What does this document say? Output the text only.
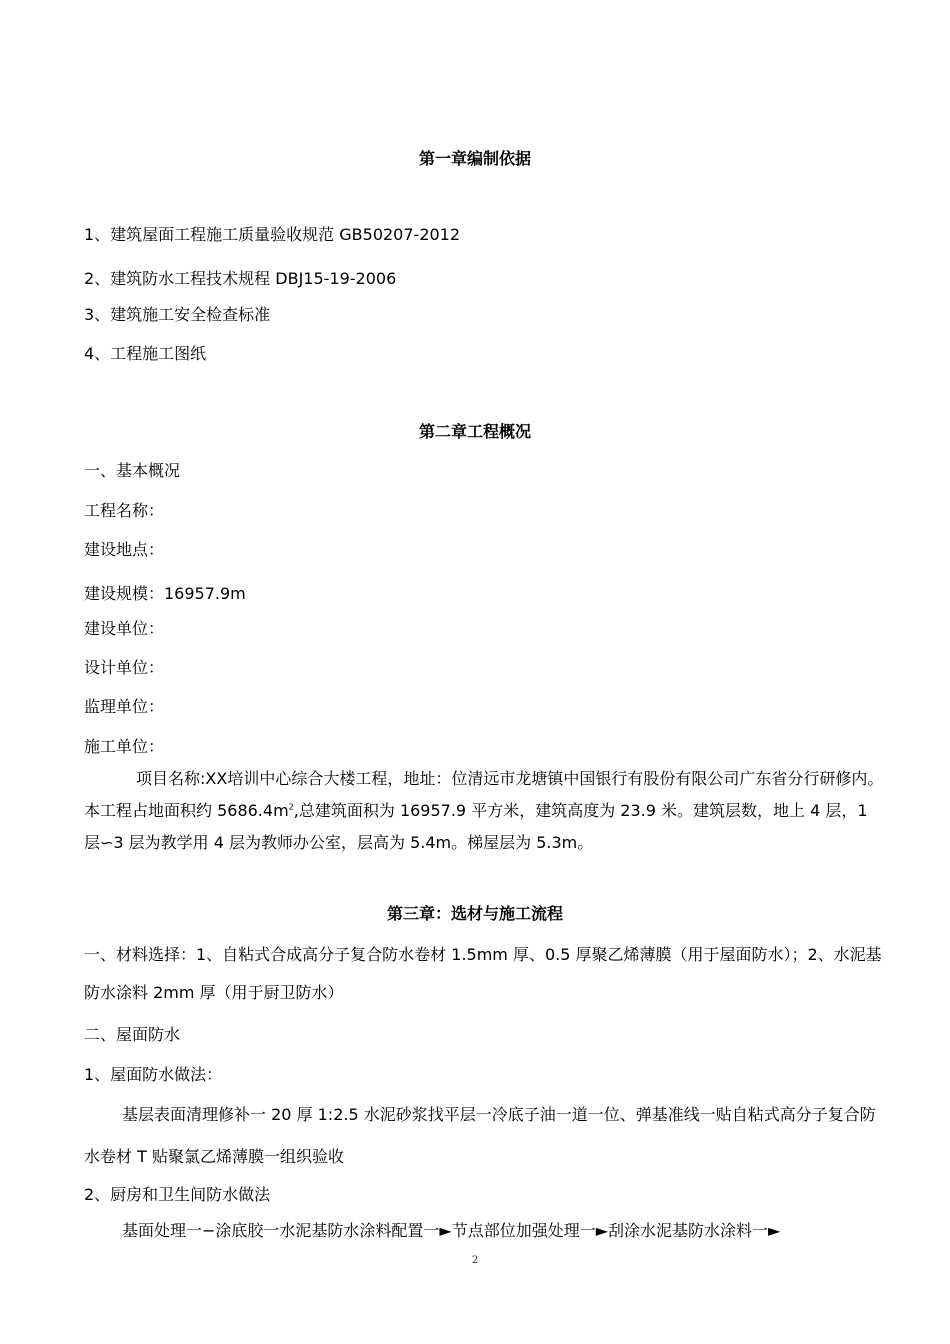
第一章编制依据
1、建筑屋面工程施工质量验收规范 GB50207-2012
2、建筑防水工程技术规程 DBJ15-19-2006
3、建筑施工安全检查标准
4、工程施工图纸
第二章工程概况
一、基本概况
工程名称：
建设地点：
建设规模：16957.9m
建设单位：
设计单位：
监理单位：
施工单位：
项目名称:XX培训中心综合大楼工程，地址：位清远市龙塘镇中国银行有股份有限公司广东省分行研修内。本工程占地面积约 $5686.4m^2$,总建筑面积为 16957.9 平方米，建筑高度为 23.9 米。建筑层数，地上 4 层，1 层∽3 层为教学用 4 层为教师办公室，层高为 5.4m。梯屋层为 5.3m。
第三章：选材与施工流程
一、材料选择：1、自粘式合成高分子复合防水卷材 1.5mm 厚、0.5 厚聚乙烯薄膜（用于屋面防水）；2、水泥基防水涂料 2mm 厚（用于厨卫防水）
二、屋面防水
1、屋面防水做法：
基层表面清理修补一 20 厚 1:2.5 水泥砂浆找平层一冷底子油一道一位、弹基准线一贴自粘式高分子复合防水卷材 T 贴聚氯乙烯薄膜一组织验收
2、厨房和卫生间防水做法
基面处理一−涂底胶一水泥基防水涂料配置一►节点部位加强处理一►刮涂水泥基防水涂料一►
2
